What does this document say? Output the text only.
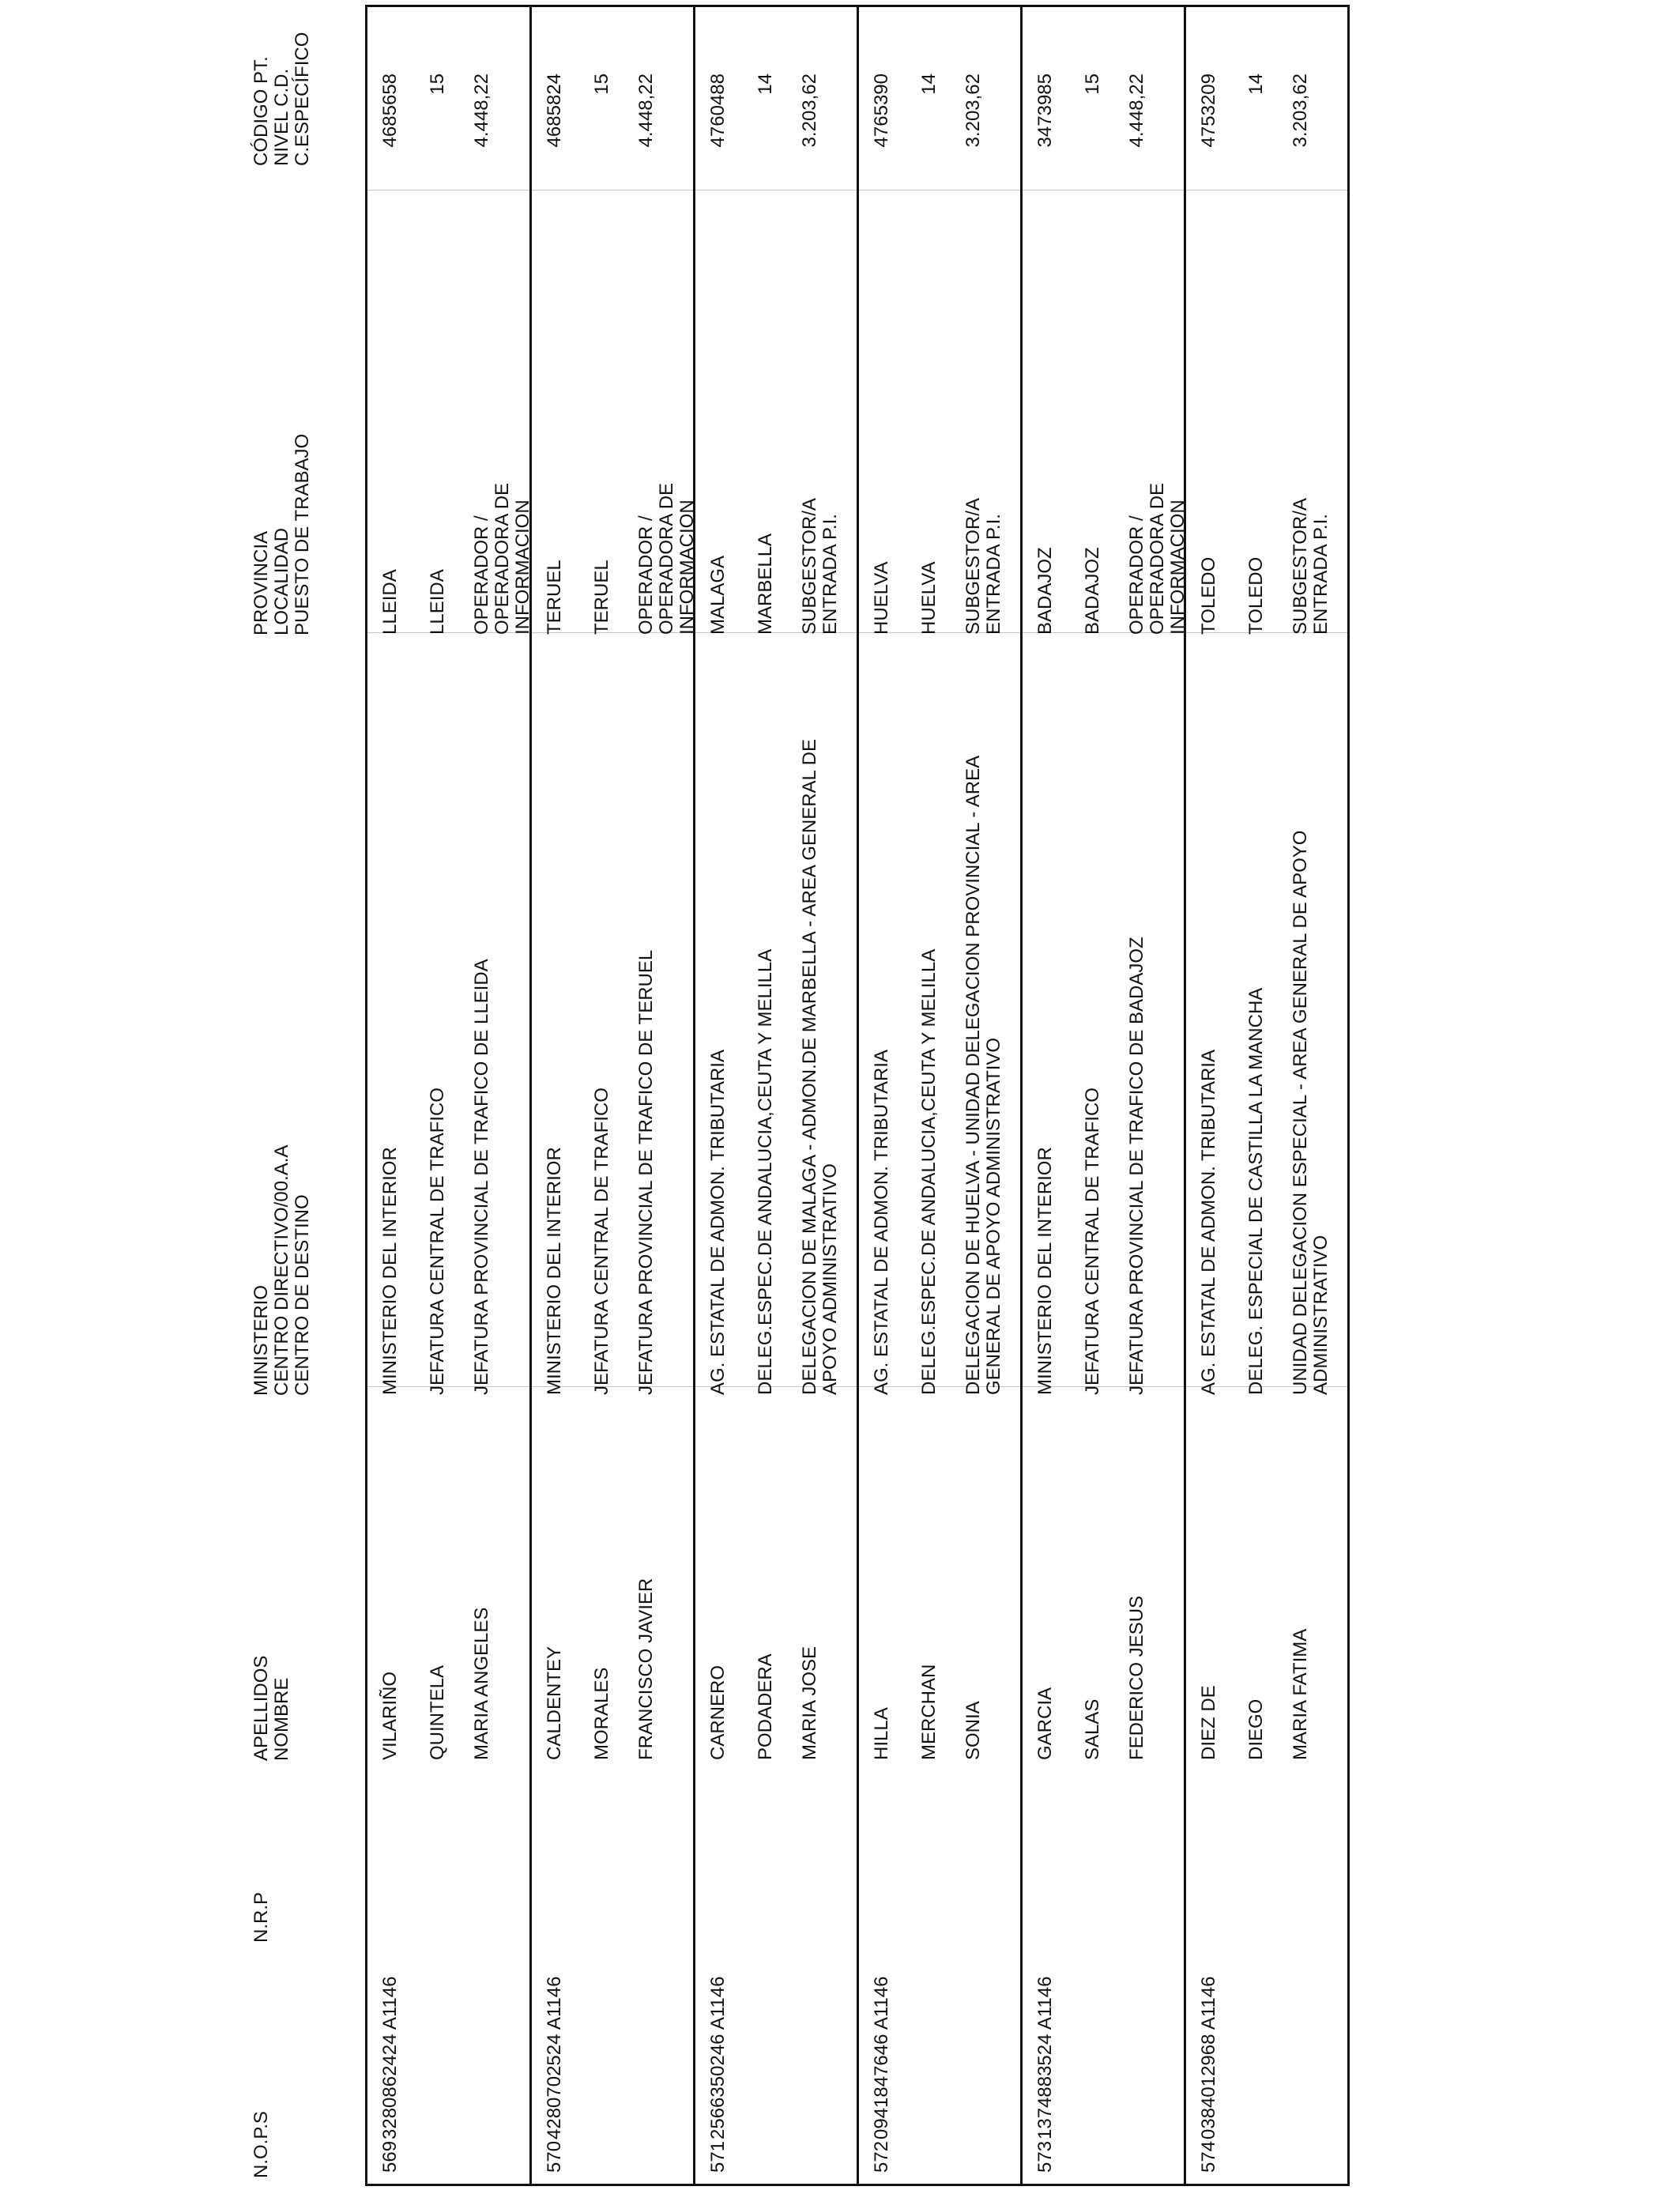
N.O.P.S
N.R.P
APELLIDOS NOMBRE
MINISTERIO CENTRO DIRECTIVO/00.A.A CENTRO DE DESTINO
PROVINCIA LOCALIDAD PUESTO DE TRABAJO
CÓDIGO PT. NIVEL C.D. C.ESPECÍFICO
569
3280862424 A1146
VILARIÑO QUINTELA MARIA ANGELES
MINISTERIO DEL INTERIOR JEFATURA CENTRAL DE TRAFICO JEFATURA PROVINCIAL DE TRAFICO DE LLEIDA
LLEIDA LLEIDA OPERADOR / OPERADORA DE INFORMACION
4685658 15 4.448,22
570
4280702524 A1146
CALDENTEY MORALES FRANCISCO JAVIER
MINISTERIO DEL INTERIOR JEFATURA CENTRAL DE TRAFICO JEFATURA PROVINCIAL DE TRAFICO DE TERUEL
TERUEL TERUEL OPERADOR / OPERADORA DE INFORMACION
4685824 15 4.448,22
571
2566350246 A1146
CARNERO PODADERA MARIA JOSE
AG. ESTATAL DE ADMON. TRIBUTARIA DELEG.ESPEC.DE ANDALUCIA,CEUTA Y MELILLA DELEGACION DE MALAGA - ADMON.DE MARBELLA - AREA GENERAL DE APOYO ADMINISTRATIVO
MALAGA MARBELLA SUBGESTOR/A ENTRADA P.I.
4760488 14 3.203,62
572
0941847646 A1146
HILLA MERCHAN SONIA
AG. ESTATAL DE ADMON. TRIBUTARIA DELEG.ESPEC.DE ANDALUCIA,CEUTA Y MELILLA DELEGACION DE HUELVA - UNIDAD DELEGACION PROVINCIAL - AREA GENERAL DE APOYO ADMINISTRATIVO
HUELVA HUELVA SUBGESTOR/A ENTRADA P.I.
4765390 14 3.203,62
573
1374883524 A1146
GARCIA SALAS FEDERICO JESUS
MINISTERIO DEL INTERIOR JEFATURA CENTRAL DE TRAFICO JEFATURA PROVINCIAL DE TRAFICO DE BADAJOZ
BADAJOZ BADAJOZ OPERADOR / OPERADORA DE INFORMACION
3473985 15 4.448,22
574
0384012968 A1146
DIEZ DE DIEGO MARIA FATIMA
AG. ESTATAL DE ADMON. TRIBUTARIA DELEG. ESPECIAL DE CASTILLA LA MANCHA UNIDAD DELEGACION ESPECIAL - AREA GENERAL DE APOYO ADMINISTRATIVO
TOLEDO TOLEDO SUBGESTOR/A ENTRADA P.I.
4753209 14 3.203,62
